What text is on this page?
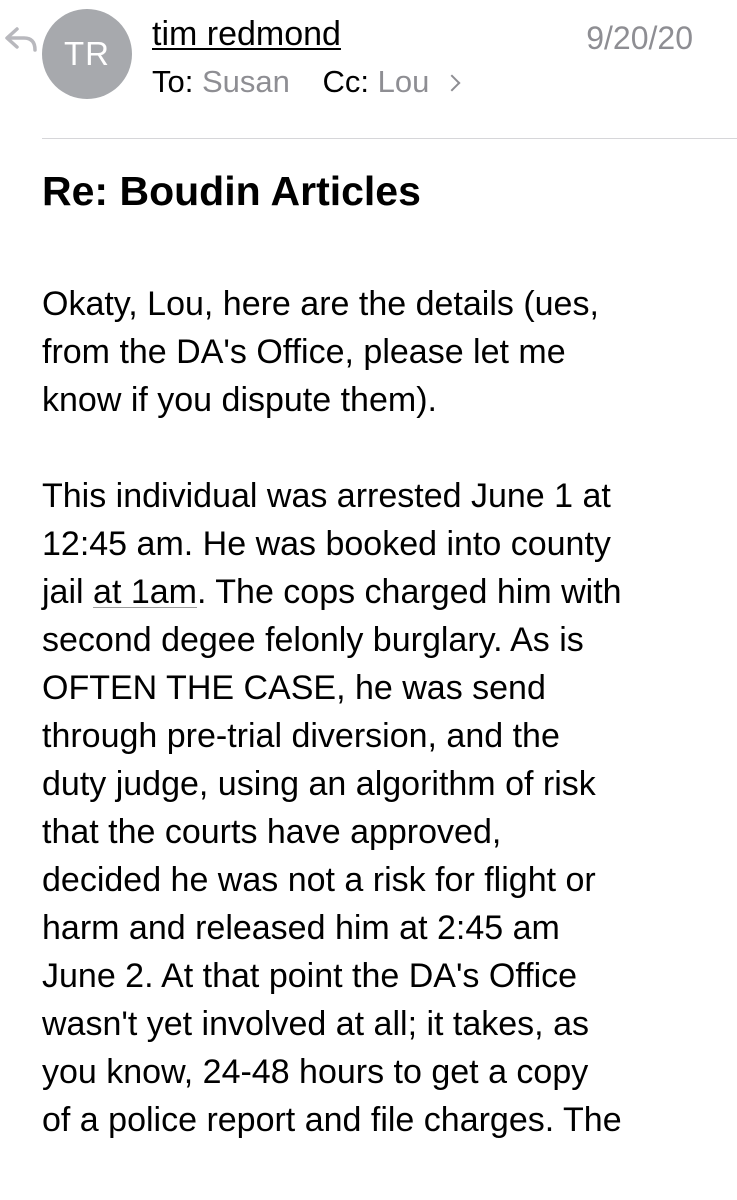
TR
tim redmond	9/20/20
To: Susan Cc: Lou
Re: Boudin Articles

Okaty, Lou, here are the details (ues,
from the DA's Office, please let me
know if you dispute them).

This individual was arrested June 1 at
12:45 am. He was booked into county
jail at 1am. The cops charged him with
second degee felonly burglary. As is
OFTEN THE CASE, he was send
through pre-trial diversion, and the
duty judge, using an algorithm of risk
that the courts have approved,
decided he was not a risk for flight or
harm and released him at 2:45 am
June 2. At that point the DA's Office
wasn't yet involved at all; it takes, as
you know, 24-48 hours to get a copy
of a police report and file charges. The
